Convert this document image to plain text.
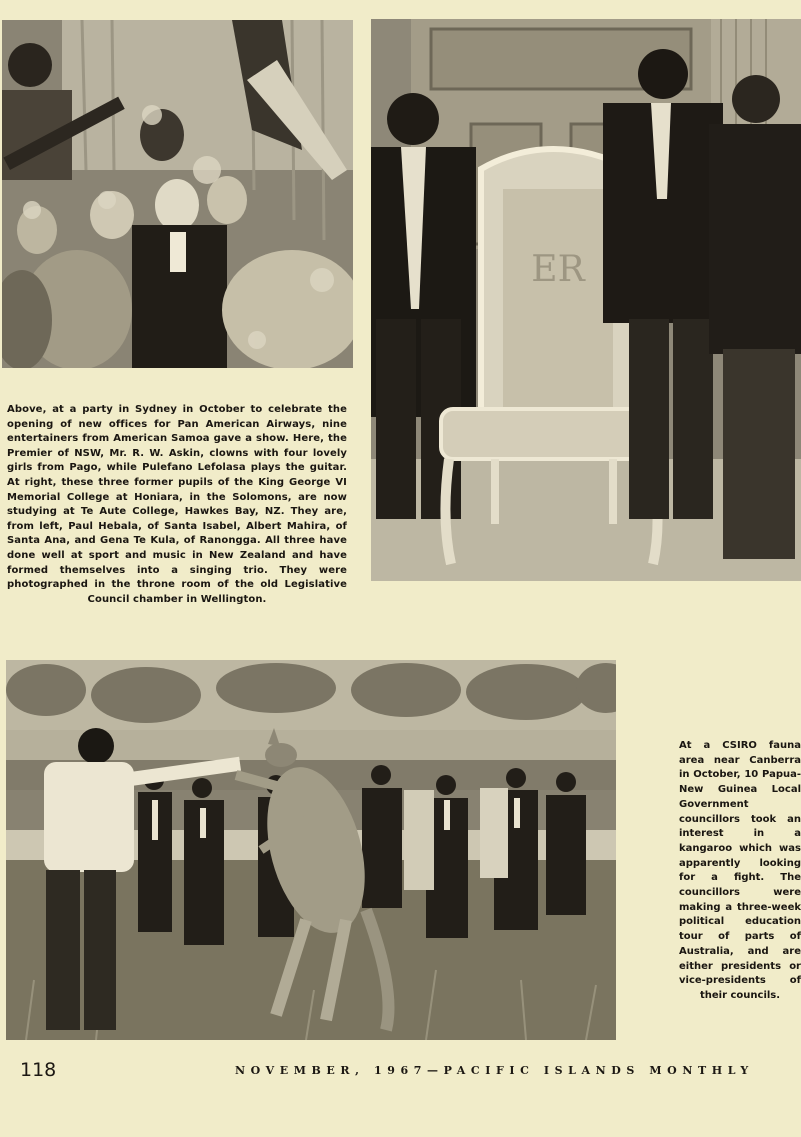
ER
Above, at a party in Sydney in October to celebrate the opening of new offices for Pan American Airways, nine entertainers from American Samoa gave a show. Here, the Premier of NSW, Mr. R. W. Askin, clowns with four lovely girls from Pago, while Pulefano Lefolasa plays the guitar. At right, these three former pupils of the King George VI Memorial College at Honiara, in the Solomons, are now studying at Te Aute College, Hawkes Bay, NZ. They are, from left, Paul Hebala, of Santa Isabel, Albert Mahira, of Santa Ana, and Gena Te Kula, of Ranongga. All three have done well at sport and music in New Zealand and have formed themselves into a singing trio. They were photographed in the throne room of the old Legislative Council chamber in Wellington.
At a CSIRO fauna area near Canberra in October, 10 Papua-New Guinea Local Government councillors took an interest in a kangaroo which was apparently looking for a fight. The councillors were making a three-week political education tour of parts of Australia, and are either presidents or vice-presidents of their councils.
118	NOVEMBER, 1967—PACIFIC ISLANDS MONTHLY
